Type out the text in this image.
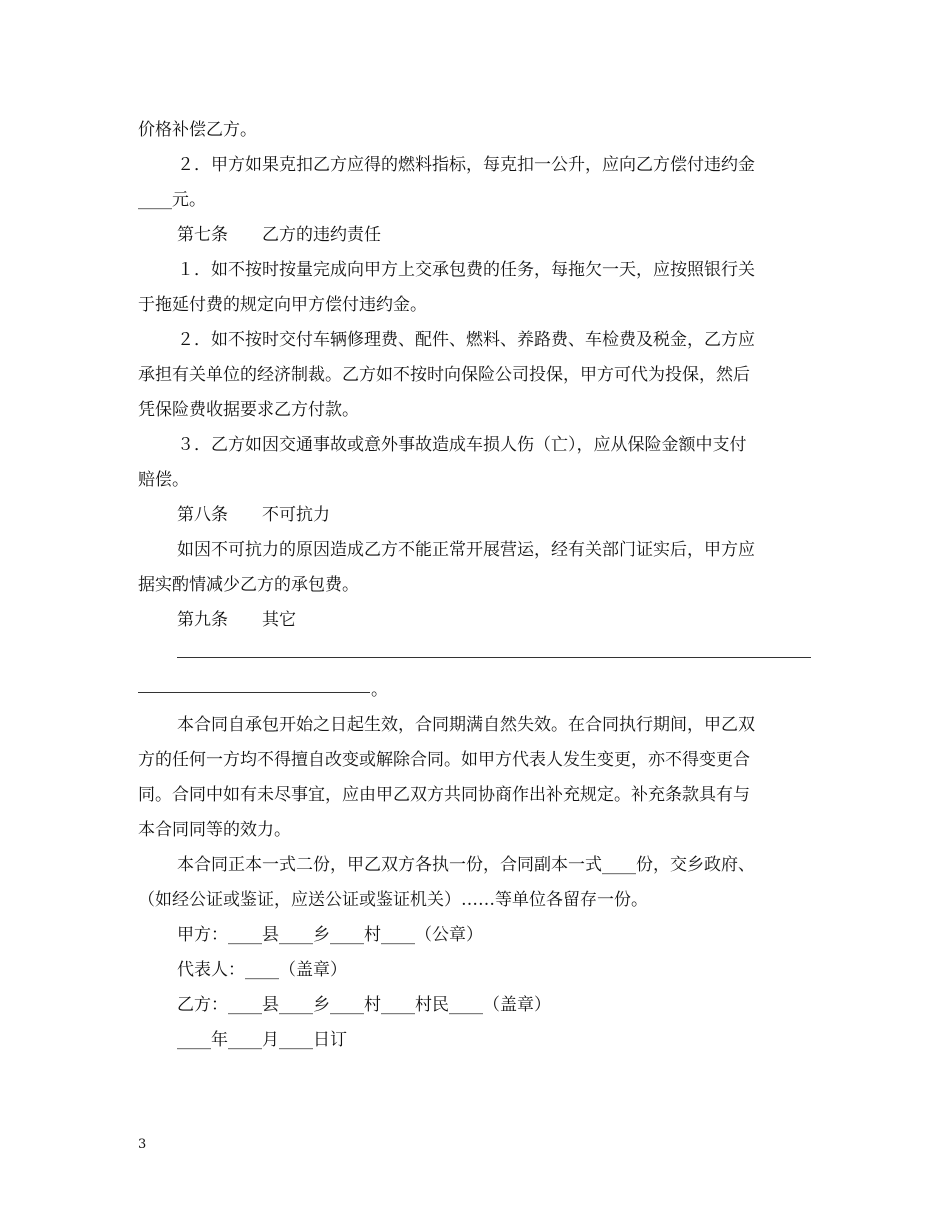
价格补偿乙方。
２．甲方如果克扣乙方应得的燃料指标，每克扣一公升，应向乙方偿付违约金
____元。
第七条　　乙方的违约责任
１．如不按时按量完成向甲方上交承包费的任务，每拖欠一天，应按照银行关
于拖延付费的规定向甲方偿付违约金。
２．如不按时交付车辆修理费、配件、燃料、养路费、车检费及税金，乙方应
承担有关单位的经济制裁。乙方如不按时向保险公司投保，甲方可代为投保，然后
凭保险费收据要求乙方付款。
３．乙方如因交通事故或意外事故造成车损人伤（亡），应从保险金额中支付
赔偿。
第八条　　不可抗力
如因不可抗力的原因造成乙方不能正常开展营运，经有关部门证实后，甲方应
据实酌情减少乙方的承包费。
第九条　　其它
。
本合同自承包开始之日起生效，合同期满自然失效。在合同执行期间，甲乙双
方的任何一方均不得擅自改变或解除合同。如甲方代表人发生变更，亦不得变更合
同。合同中如有未尽事宜，应由甲乙双方共同协商作出补充规定。补充条款具有与
本合同同等的效力。
本合同正本一式二份，甲乙双方各执一份，合同副本一式____份，交乡政府、
（如经公证或鉴证，应送公证或鉴证机关）……等单位各留存一份。
甲方：____县____乡____村____（公章）
代表人：____（盖章）
乙方：____县____乡____村____村民____（盖章）
____年____月____日订
3
